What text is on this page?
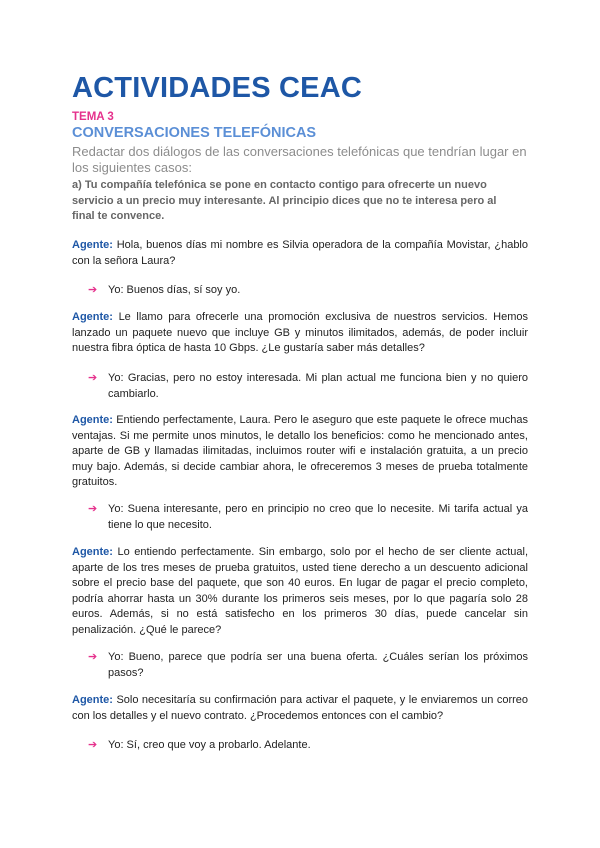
ACTIVIDADES CEAC
TEMA 3
CONVERSACIONES TELEFÓNICAS
Redactar dos diálogos de las conversaciones telefónicas que tendrían lugar en los siguientes casos:
a) Tu compañía telefónica se pone en contacto contigo para ofrecerte un nuevo servicio a un precio muy interesante. Al principio dices que no te interesa pero al final te convence.
Agente: Hola, buenos días mi nombre es Silvia operadora de la compañía Movistar, ¿hablo con la señora Laura?
➔ Yo: Buenos días, sí soy yo.
Agente: Le llamo para ofrecerle una promoción exclusiva de nuestros servicios. Hemos lanzado un paquete nuevo que incluye GB y minutos ilimitados, además, de poder incluir nuestra fibra óptica de hasta 10 Gbps. ¿Le gustaría saber más detalles?
➔ Yo: Gracias, pero no estoy interesada. Mi plan actual me funciona bien y no quiero cambiarlo.
Agente: Entiendo perfectamente, Laura. Pero le aseguro que este paquete le ofrece muchas ventajas. Si me permite unos minutos, le detallo los beneficios: como he mencionado antes, aparte de GB y llamadas ilimitadas, incluimos router wifi e instalación gratuita, a un precio muy bajo. Además, si decide cambiar ahora, le ofreceremos 3 meses de prueba totalmente gratuitos.
➔ Yo: Suena interesante, pero en principio no creo que lo necesite. Mi tarifa actual ya tiene lo que necesito.
Agente: Lo entiendo perfectamente. Sin embargo, solo por el hecho de ser cliente actual, aparte de los tres meses de prueba gratuitos, usted tiene derecho a un descuento adicional sobre el precio base del paquete, que son 40 euros. En lugar de pagar el precio completo, podría ahorrar hasta un 30% durante los primeros seis meses, por lo que pagaría solo 28 euros. Además, si no está satisfecho en los primeros 30 días, puede cancelar sin penalización. ¿Qué le parece?
➔ Yo: Bueno, parece que podría ser una buena oferta. ¿Cuáles serían los próximos pasos?
Agente: Solo necesitaría su confirmación para activar el paquete, y le enviaremos un correo con los detalles y el nuevo contrato. ¿Procedemos entonces con el cambio?
➔ Yo: Sí, creo que voy a probarlo. Adelante.
